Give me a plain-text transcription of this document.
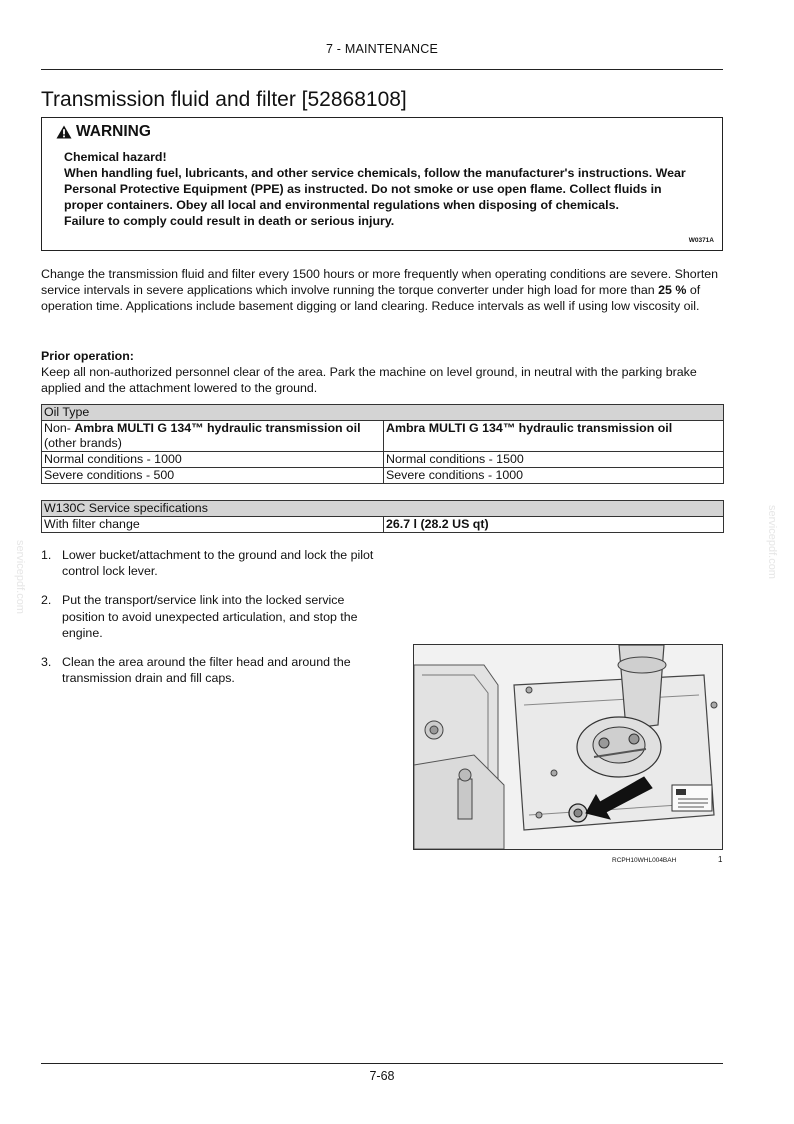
7 - MAINTENANCE
Transmission fluid and filter [52868108]
WARNING

Chemical hazard!

When handling fuel, lubricants, and other service chemicals, follow the manufacturer's instructions. Wear Personal Protective Equipment (PPE) as instructed. Do not smoke or use open flame. Collect fluids in proper containers. Obey all local and environmental regulations when disposing of chemicals.

Failure to comply could result in death or serious injury.

W0371A

Change the transmission fluid and filter every 1500 hours or more frequently when operating conditions are severe. Shorten service intervals in severe applications which involve running the torque converter under high load for more than 25 % of operation time. Applications include basement digging or land clearing. Reduce intervals as well if using low viscosity oil.

Prior operation:
Keep all non-authorized personnel clear of the area. Park the machine on level ground, in neutral with the parking brake applied and the attachment lowered to the ground.
Oil Type	
Non- Ambra MULTI G 134™ hydraulic transmission oil (other brands)	Ambra MULTI G 134™ hydraulic transmission oil
Normal conditions - 1000	Normal conditions - 1500
Severe conditions - 500	Severe conditions - 1000
W130C Service specifications
With filter change	26.7 l (28.2 US qt)
1. Lower bucket/attachment to the ground and lock the pilot control lock lever.
2. Put the transport/service link into the locked service position to avoid unexpected articulation, and stop the engine.
3. Clean the area around the filter head and around the transmission drain and fill caps.
RCPH10WHL004BAH	1
servicepdf.com	servicepdf.com
7-68
